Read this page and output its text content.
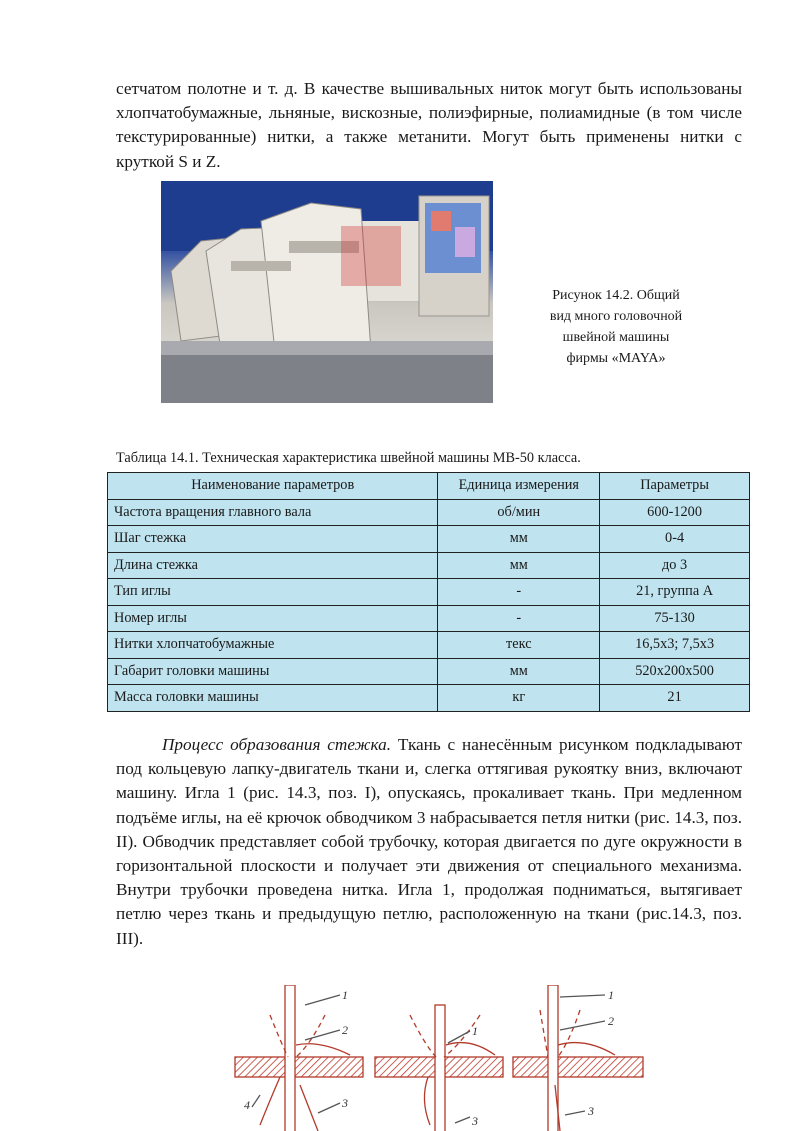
сетчатом полотне и т. д. В качестве вышивальных ниток могут быть использованы хлопчатобумажные, льняные, вискозные, полиэфирные, полиамидные (в том числе текстурированные) нитки, а также метанити. Могут быть применены нитки с круткой S и Z.

Рисунок 14.2. Общий
вид много головочной
швейной машины
фирмы «MAYA»

Таблица 14.1. Техническая характеристика швейной машины МВ-50 класса.

Наименование параметров	Единица измерения	Параметры
Частота вращения главного вала	об/мин	600-1200
Шаг стежка	мм	0-4
Длина стежка	мм	до 3
Тип иглы	-	21, группа А
Номер иглы	-	75-130
Нитки хлопчатобумажные	текс	16,5х3; 7,5х3
Габарит головки машины	мм	520х200х500
Масса головки машины	кг	21

Процесс образования стежка. Ткань с нанесённым рисунком подкладывают под кольцевую лапку-двигатель ткани и, слегка оттягивая рукоятку вниз, включают машину. Игла 1 (рис. 14.3, поз. I), опускаясь, прокаливает ткань. При медленном подъёме иглы, на её крючок обводчиком 3 набрасывается петля нитки (рис. 14.3, поз. II). Обводчик представляет собой трубочку, которая двигается по дуге окружности в горизонтальной плоскости и получает эти движения от специального механизма. Внутри трубочки проведена нитка. Игла 1, продолжая подниматься, вытягивает петлю через ткань и предыдущую петлю, расположенную на ткани (рис.14.3, поз. III).

1
2
3
4
1
3
1
2
3
